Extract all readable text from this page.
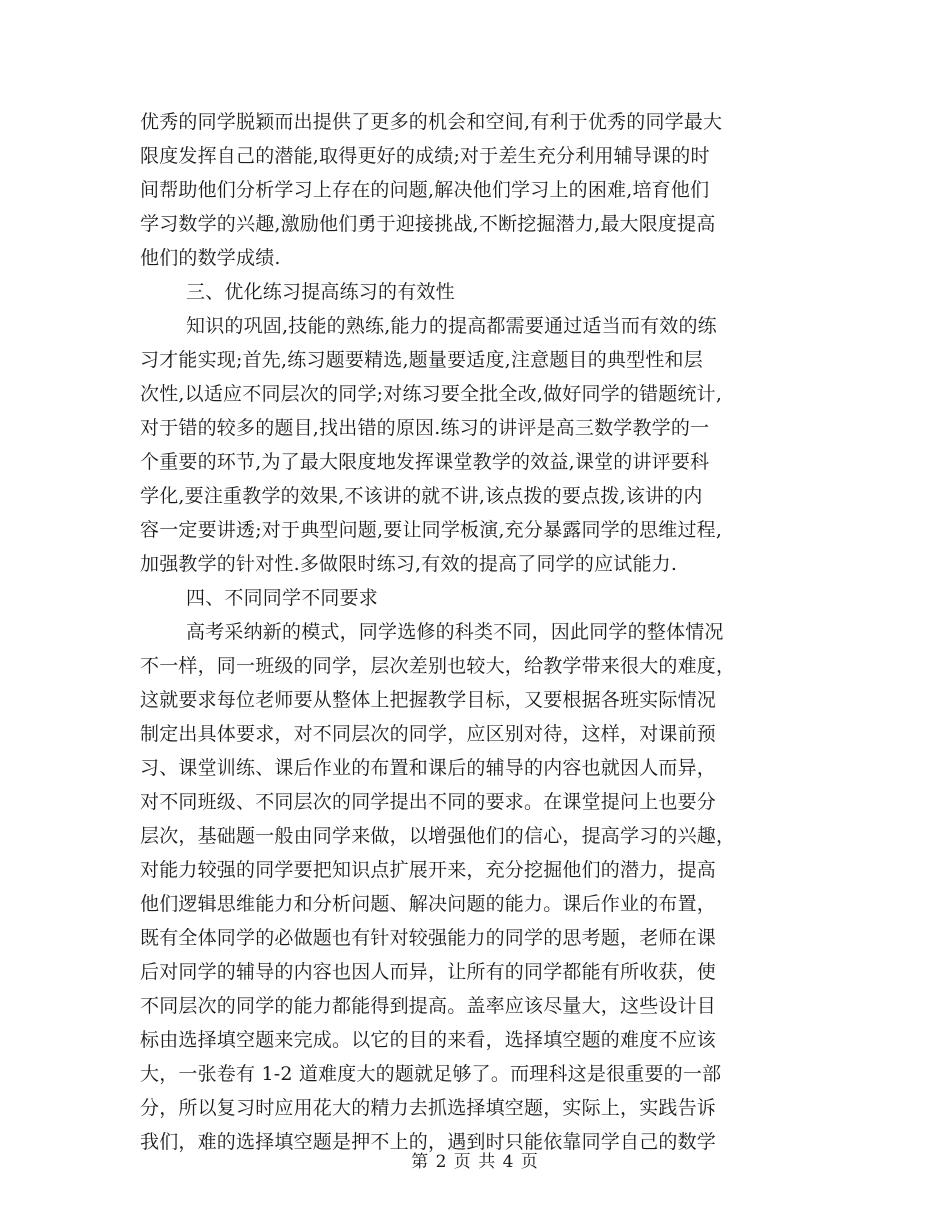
优秀的同学脱颖而出提供了更多的机会和空间,有利于优秀的同学最大
限度发挥自己的潜能,取得更好的成绩;对于差生充分利用辅导课的时
间帮助他们分析学习上存在的问题,解决他们学习上的困难,培育他们
学习数学的兴趣,激励他们勇于迎接挑战,不断挖掘潜力,最大限度提高
他们的数学成绩.
三、优化练习提高练习的有效性
知识的巩固,技能的熟练,能力的提高都需要通过适当而有效的练
习才能实现;首先,练习题要精选,题量要适度,注意题目的典型性和层
次性,以适应不同层次的同学;对练习要全批全改,做好同学的错题统计,
对于错的较多的题目,找出错的原因.练习的讲评是高三数学教学的一
个重要的环节,为了最大限度地发挥课堂教学的效益,课堂的讲评要科
学化,要注重教学的效果,不该讲的就不讲,该点拨的要点拨,该讲的内
容一定要讲透;对于典型问题,要让同学板演,充分暴露同学的思维过程,
加强教学的针对性.多做限时练习,有效的提高了同学的应试能力.
四、不同同学不同要求
高考采纳新的模式，同学选修的科类不同，因此同学的整体情况
不一样，同一班级的同学，层次差别也较大，给教学带来很大的难度，
这就要求每位老师要从整体上把握教学目标，又要根据各班实际情况
制定出具体要求，对不同层次的同学，应区别对待，这样，对课前预
习、课堂训练、课后作业的布置和课后的辅导的内容也就因人而异，
对不同班级、不同层次的同学提出不同的要求。在课堂提问上也要分
层次，基础题一般由同学来做，以增强他们的信心，提高学习的兴趣，
对能力较强的同学要把知识点扩展开来，充分挖掘他们的潜力，提高
他们逻辑思维能力和分析问题、解决问题的能力。课后作业的布置，
既有全体同学的必做题也有针对较强能力的同学的思考题，老师在课
后对同学的辅导的内容也因人而异，让所有的同学都能有所收获，使
不同层次的同学的能力都能得到提高。盖率应该尽量大，这些设计目
标由选择填空题来完成。以它的目的来看，选择填空题的难度不应该
大，一张卷有 1-2 道难度大的题就足够了。而理科这是很重要的一部
分，所以复习时应用花大的精力去抓选择填空题，实际上，实践告诉
我们，难的选择填空题是押不上的，遇到时只能依靠同学自己的数学
第 2 页 共 4 页
